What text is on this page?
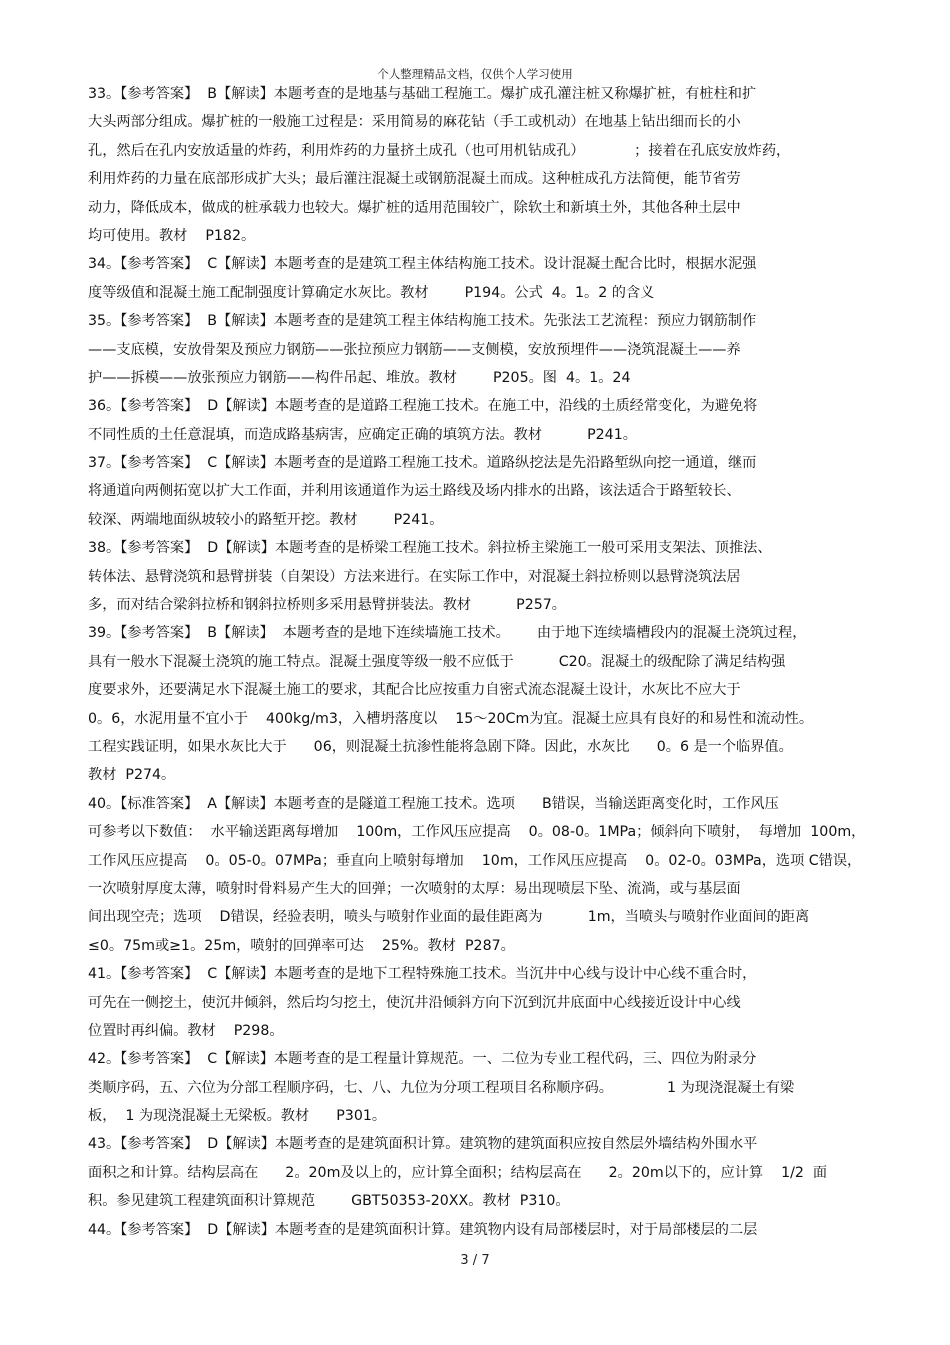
个人整理精品文档，仅供个人学习使用
33。【参考答案】  B【解读】本题考查的是地基与基础工程施工。爆扩成孔灌注桩又称爆扩桩，有桩柱和扩
大头两部分组成。爆扩桩的一般施工过程是：采用简易的麻花钻（手工或机动）在地基上钻出细而长的小
孔，然后在孔内安放适量的炸药，利用炸药的力量挤土成孔（也可用机钻成孔）           ；接着在孔底安放炸药，
利用炸药的力量在底部形成扩大头；最后灌注混凝土或钢筋混凝土而成。这种桩成孔方法简便，能节省劳
动力，降低成本，做成的桩承载力也较大。爆扩桩的适用范围较广，除软土和新填土外，其他各种土层中
均可使用。教材    P182。
34。【参考答案】  C【解读】本题考查的是建筑工程主体结构施工技术。设计混凝土配合比时，根据水泥强
度等级值和混凝土施工配制强度计算确定水灰比。教材        P194。公式  4。1。2 的含义
35。【参考答案】  B【解读】本题考查的是建筑工程主体结构施工技术。先张法工艺流程：预应力钢筋制作
——支底模，安放骨架及预应力钢筋——张拉预应力钢筋——支侧模，安放预埋件——浇筑混凝土——养
护——拆模——放张预应力钢筋——构件吊起、堆放。教材        P205。图  4。1。24
36。【参考答案】  D【解读】本题考查的是道路工程施工技术。在施工中，沿线的土质经常变化，为避免将
不同性质的土任意混填，而造成路基病害，应确定正确的填筑方法。教材          P241。
37。【参考答案】  C【解读】本题考查的是道路工程施工技术。道路纵挖法是先沿路堑纵向挖一通道，继而
将通道向两侧拓宽以扩大工作面，并利用该通道作为运土路线及场内排水的出路，该法适合于路堑较长、
较深、两端地面纵坡较小的路堑开挖。教材        P241。
38。【参考答案】  D【解读】本题考查的是桥梁工程施工技术。斜拉桥主梁施工一般可采用支架法、顶推法、
转体法、悬臂浇筑和悬臂拼装（自架设）方法来进行。在实际工作中，对混凝土斜拉桥则以悬臂浇筑法居
多，而对结合梁斜拉桥和钢斜拉桥则多采用悬臂拼装法。教材          P257。
39。【参考答案】  B【解读】  本题考查的是地下连续墙施工技术。      由于地下连续墙槽段内的混凝土浇筑过程，
具有一般水下混凝土浇筑的施工特点。混凝土强度等级一般不应低于          C20。混凝土的级配除了满足结构强
度要求外，还要满足水下混凝土施工的要求，其配合比应按重力自密式流态混凝土设计，水灰比不应大于
0。6，水泥用量不宜小于    400kg/m3，入槽坍落度以    15～20Cm为宜。混凝土应具有良好的和易性和流动性。
工程实践证明，如果水灰比大于      06，则混凝土抗渗性能将急剧下降。因此，水灰比      0。6 是一个临界值。
教材  P274。
40。【标准答案】  A【解读】本题考查的是隧道工程施工技术。选项      B错误，当输送距离变化时，工作风压
可参考以下数值：  水平输送距离每增加    100m，工作风压应提高    0。08-0。1MPa；倾斜向下喷射，  每增加  100m，
工作风压应提高    0。05-0。07MPa；垂直向上喷射每增加    10m，工作风压应提高    0。02-0。03MPa，选项 C错误，
一次喷射厚度太薄，喷射时骨料易产生大的回弹；一次喷射的太厚：易出现喷层下坠、流淌，或与基层面
间出现空壳；选项    D错误，经验表明，喷头与喷射作业面的最佳距离为          1m，当喷头与喷射作业面间的距离
≤0。75m或≥1。25m，喷射的回弹率可达    25%。教材  P287。
41。【参考答案】  C【解读】本题考查的是地下工程特殊施工技术。当沉井中心线与设计中心线不重合时，
可先在一侧挖土，使沉井倾斜，然后均匀挖土，使沉井沿倾斜方向下沉到沉井底面中心线接近设计中心线
位置时再纠偏。教材    P298。
42。【参考答案】  C【解读】本题考查的是工程量计算规范。一、二位为专业工程代码，三、四位为附录分
类顺序码，五、六位为分部工程顺序码，七、八、九位为分项工程项目名称顺序码。            1 为现浇混凝土有梁
板，  1 为现浇混凝土无梁板。教材      P301。
43。【参考答案】  D【解读】本题考查的是建筑面积计算。建筑物的建筑面积应按自然层外墙结构外围水平
面积之和计算。结构层高在      2。20m及以上的，应计算全面积；结构层高在      2。20m以下的，应计算    1/2  面
积。参见建筑工程建筑面积计算规范        GBT50353-20XX。教材  P310。
44。【参考答案】  D【解读】本题考查的是建筑面积计算。建筑物内设有局部楼层时，对于局部楼层的二层
3 / 7
